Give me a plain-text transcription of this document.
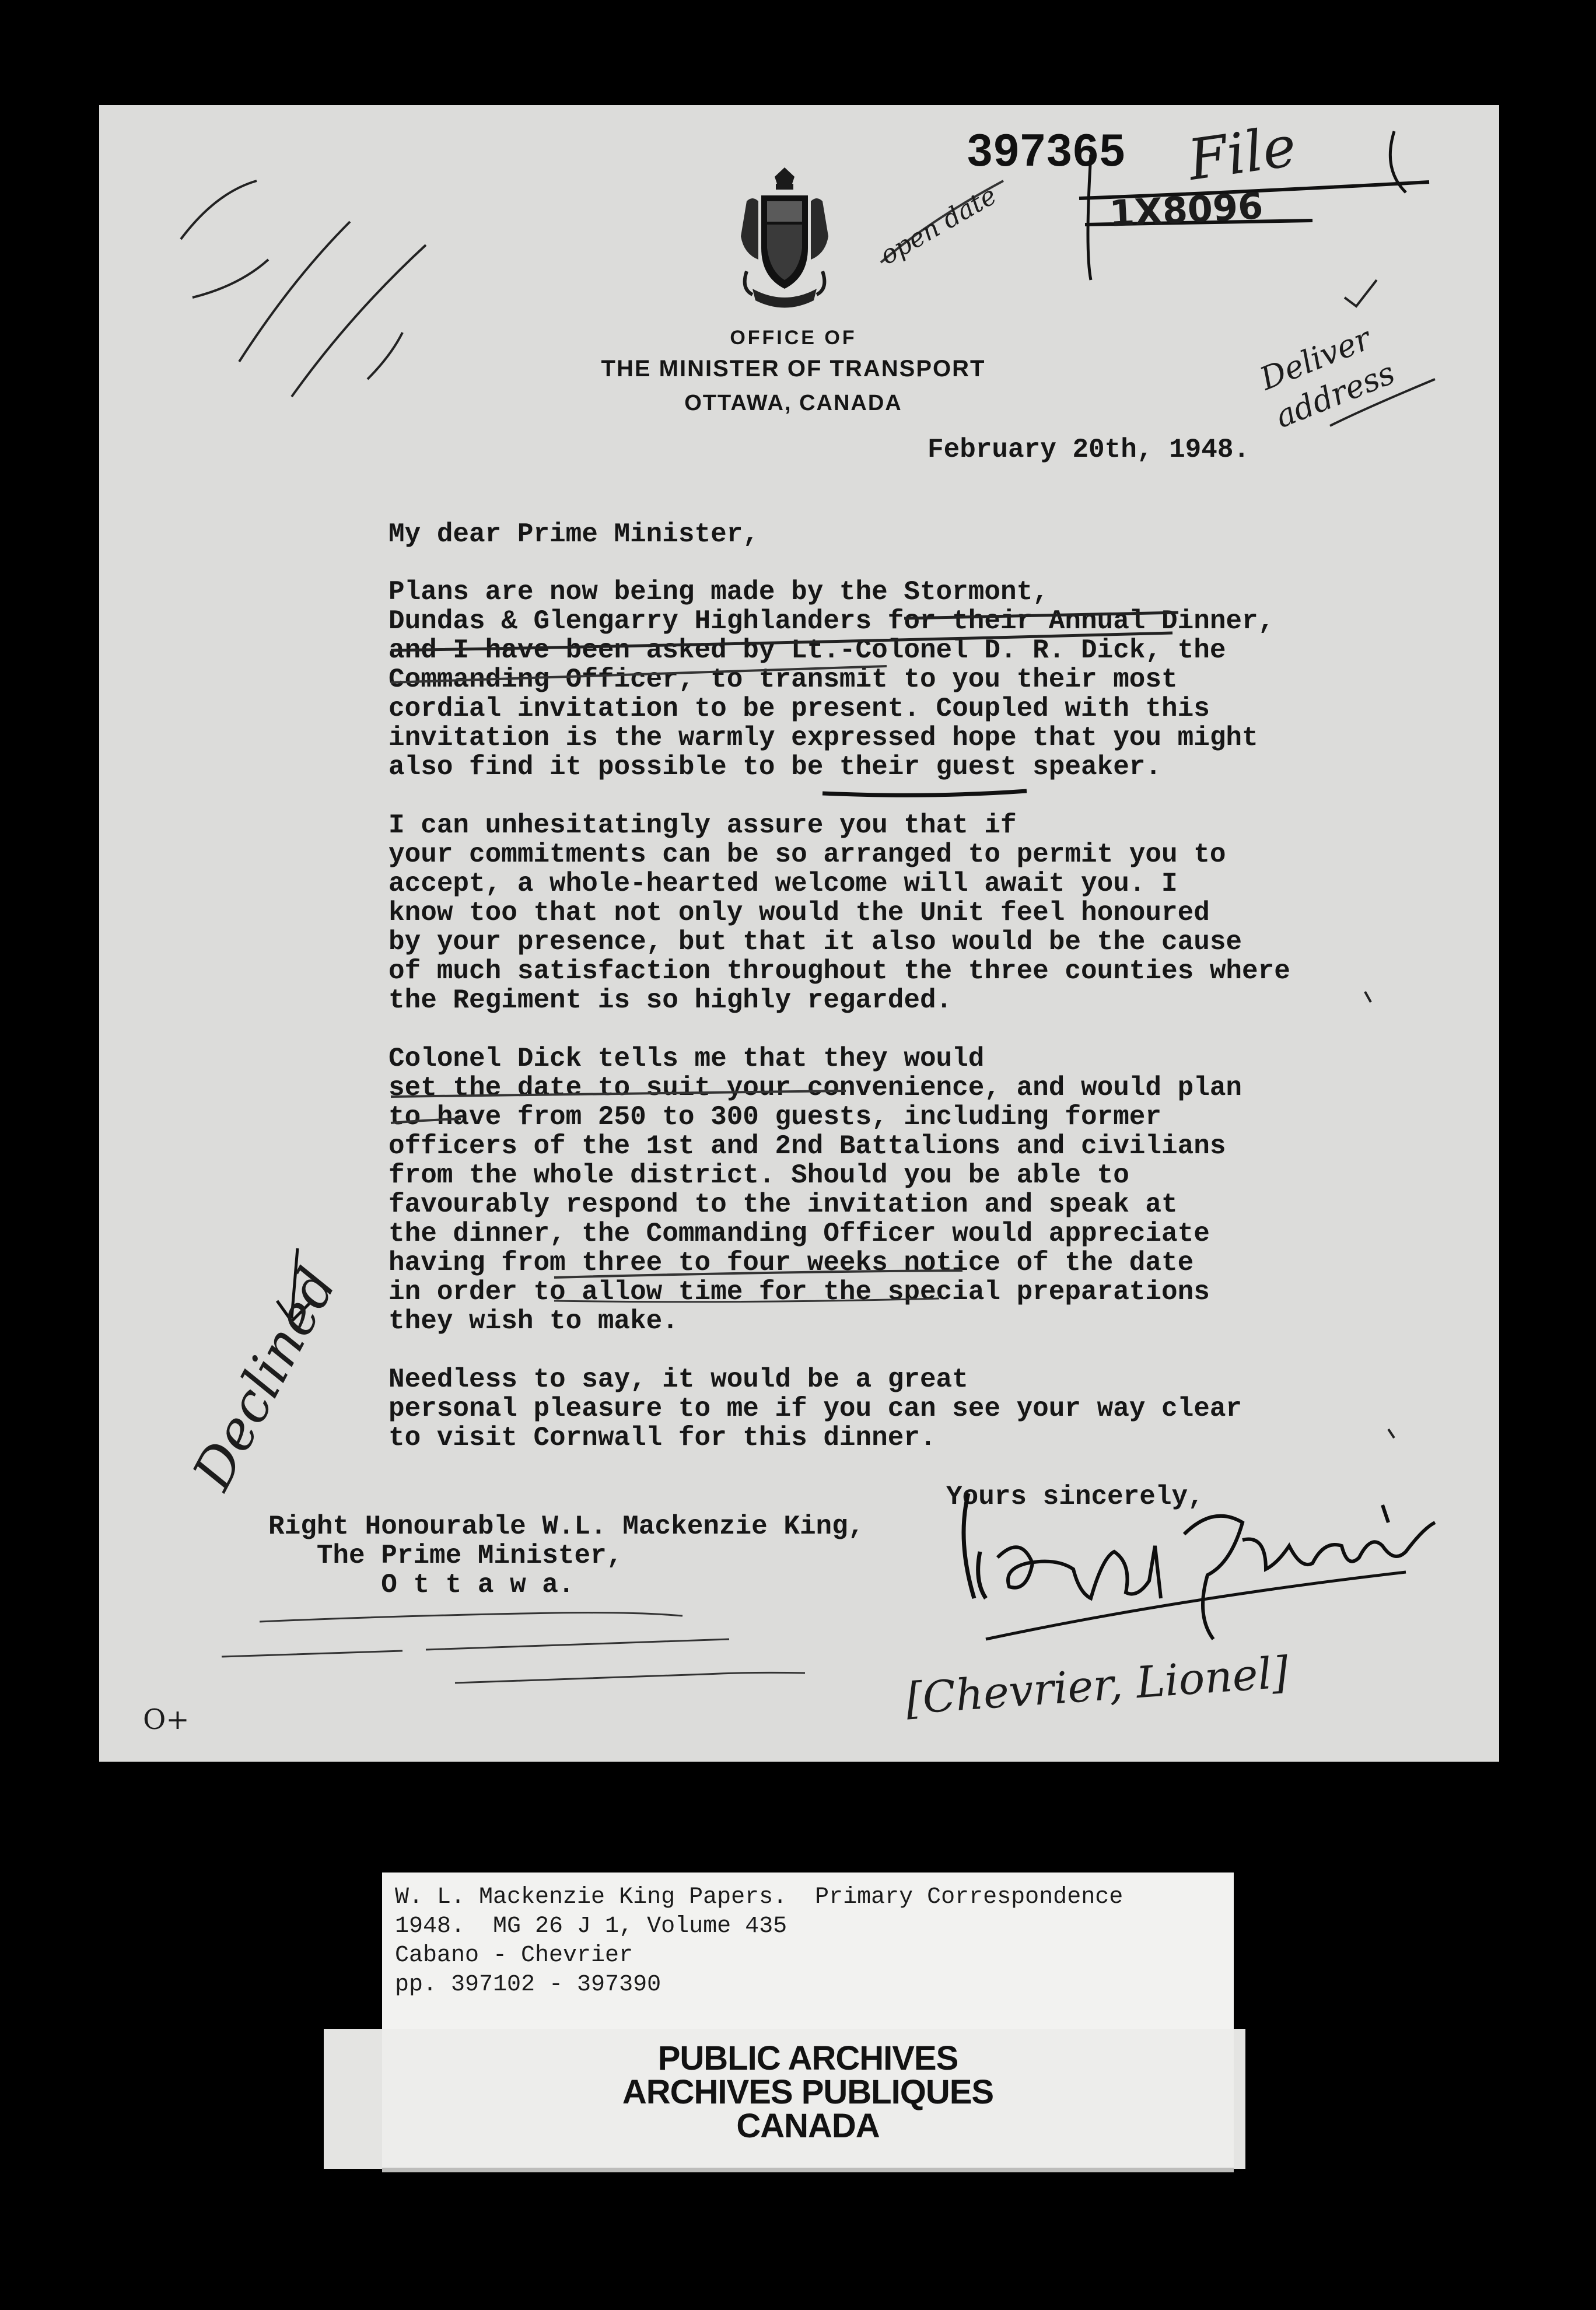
397365
OFFICE OF
THE MINISTER OF TRANSPORT
OTTAWA, CANADA
February 20th, 1948.
My dear Prime Minister,

Plans are now being made by the Stormont,
Dundas & Glengarry Highlanders for their Annual Dinner,
and I have been asked by Lt.-Colonel D. R. Dick, the
Commanding Officer, to transmit to you their most
cordial invitation to be present. Coupled with this
invitation is the warmly expressed hope that you might
also find it possible to be their guest speaker.

I can unhesitatingly assure you that if
your commitments can be so arranged to permit you to
accept, a whole-hearted welcome will await you. I
know too that not only would the Unit feel honoured
by your presence, but that it also would be the cause
of much satisfaction throughout the three counties where
the Regiment is so highly regarded.

Colonel Dick tells me that they would
set the date to suit your convenience, and would plan
to have from 250 to 300 guests, including former
officers of the 1st and 2nd Battalions and civilians
from the whole district. Should you be able to
favourably respond to the invitation and speak at
the dinner, the Commanding Officer would appreciate
having from three to four weeks notice of the date
in order to allow time for the special preparations
they wish to make.

Needless to say, it would be a great
personal pleasure to me if you can see your way clear
to visit Cornwall for this dinner.

Yours sincerely,
Right Honourable W.L. Mackenzie King,
The Prime Minister,
O t t a w a.
File
1X8096
open date
Deliver address
Declined
[Chevrier, Lionel]
O+
W. L. Mackenzie King Papers.  Primary Correspondence
1948.  MG 26 J 1, Volume 435
Cabano - Chevrier
pp. 397102 - 397390
PUBLIC ARCHIVES
ARCHIVES PUBLIQUES
CANADA
